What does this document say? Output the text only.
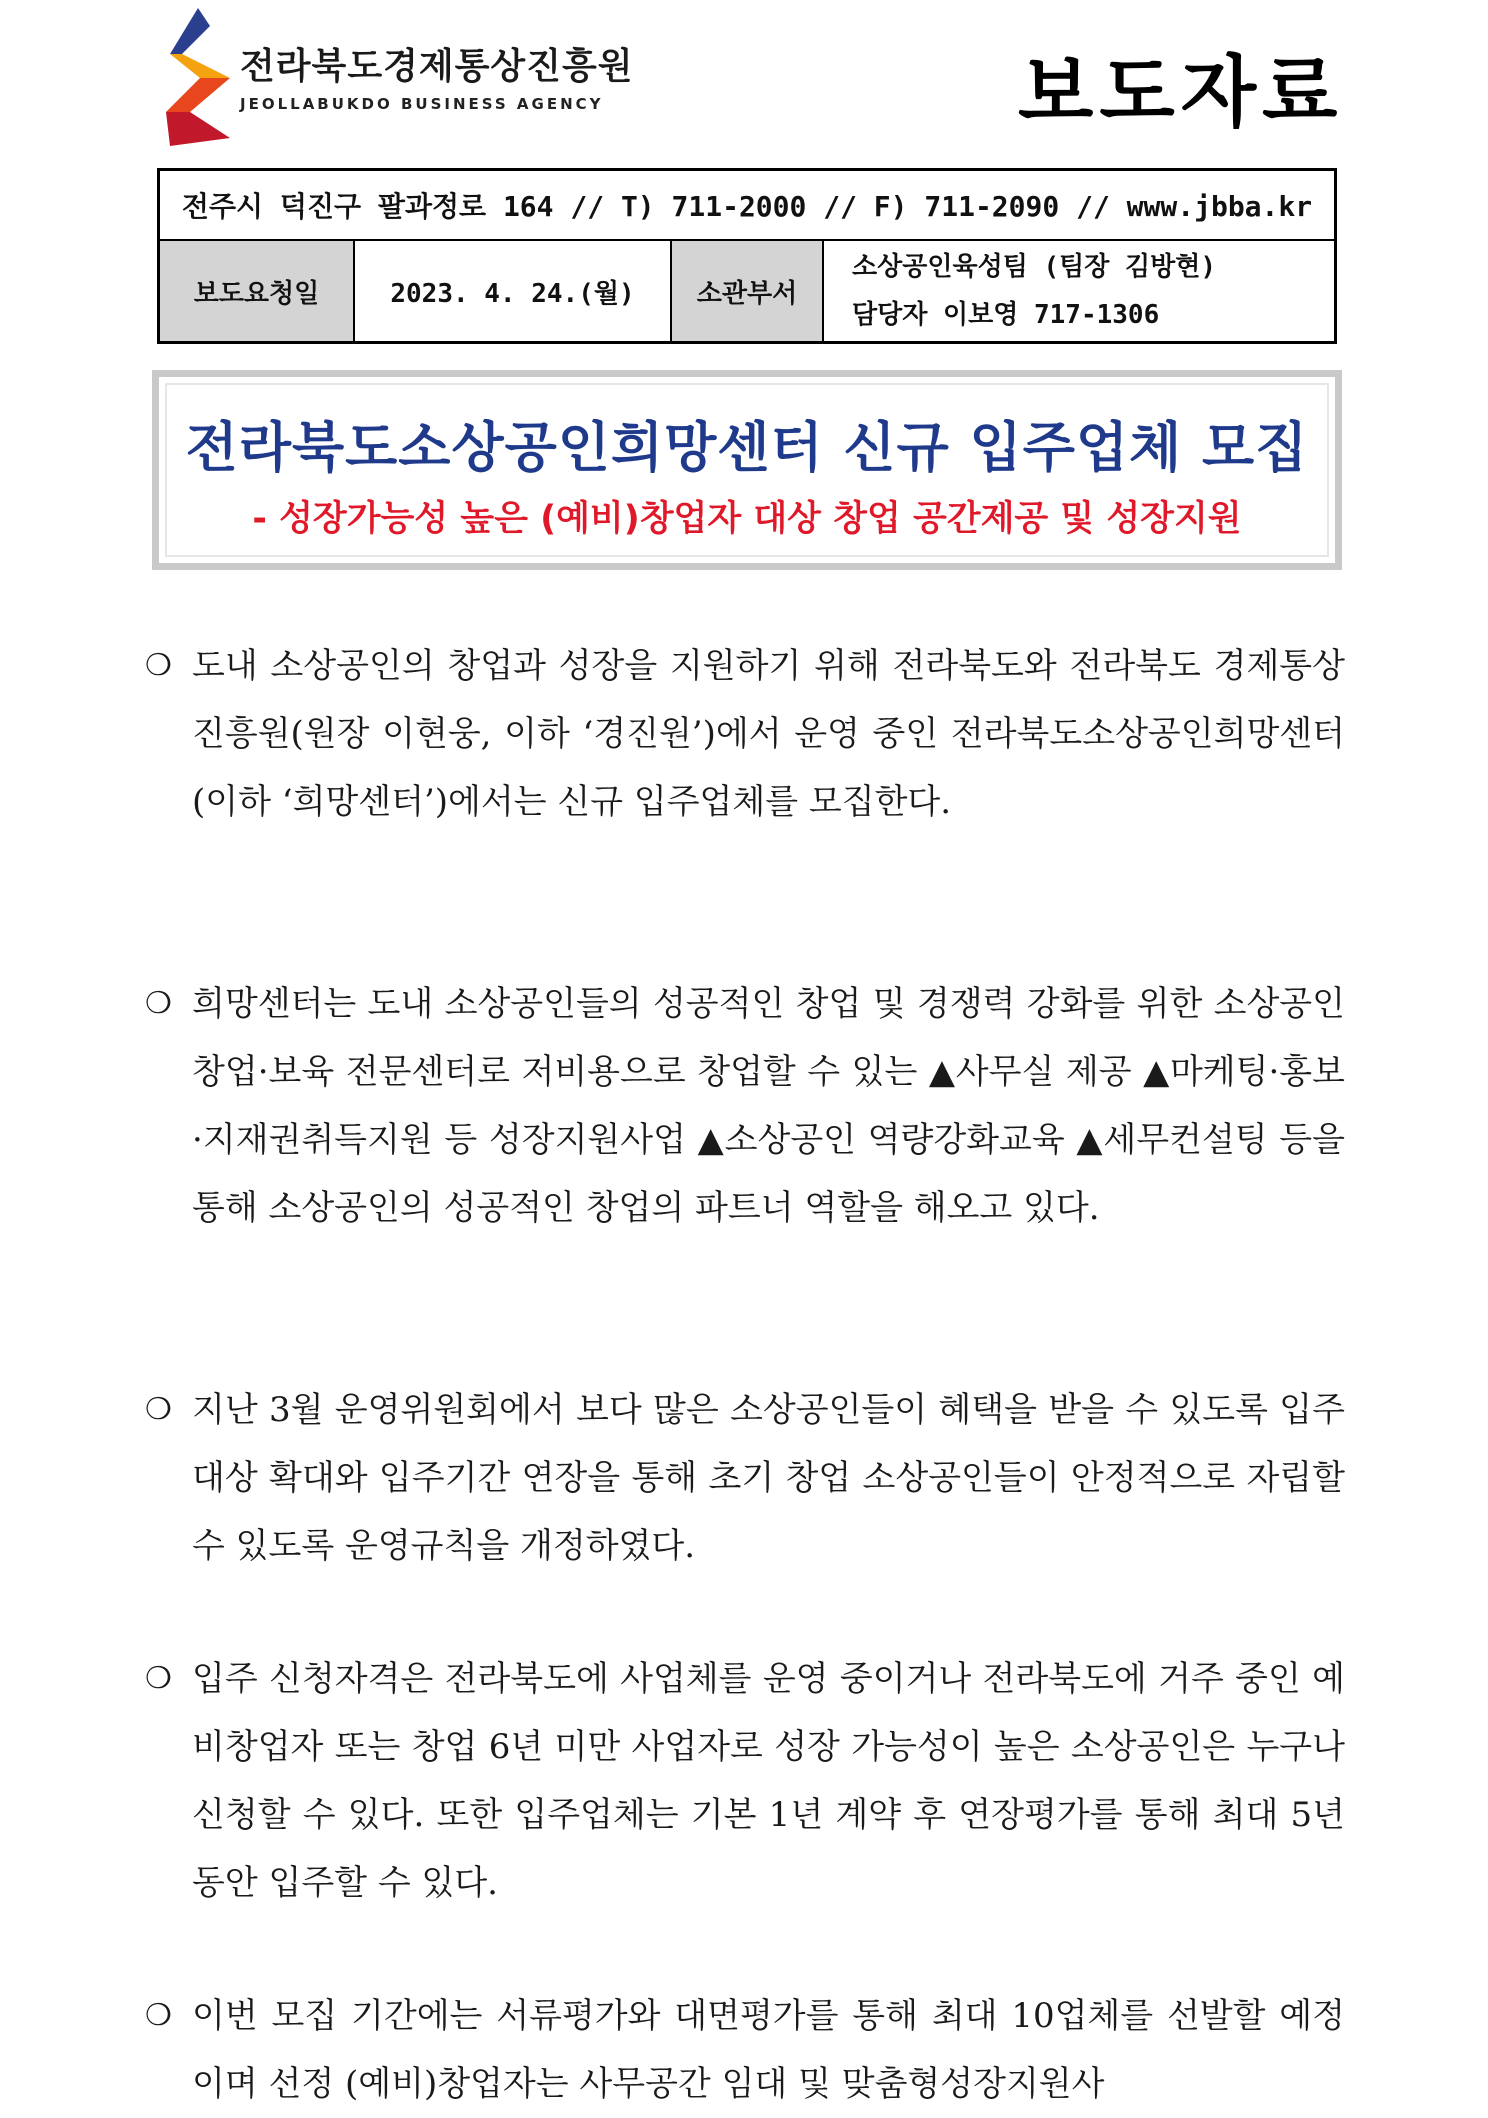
전라북도경제통상진흥원
JEOLLABUKDO BUSINESS AGENCY	보도자료
전주시 덕진구 팔과정로 164 // T) 711-2000 // F) 711-2090 // www.jbba.kr
보도요청일	2023. 4. 24.(월)	소관부서
소상공인육성팀 (팀장 김방현)
담당자 이보영 717-1306
전라북도소상공인희망센터 신규 입주업체 모집
- 성장가능성 높은 (예비)창업자 대상 창업 공간제공 및 성장지원
❍ 도내 소상공인의 창업과 성장을 지원하기 위해 전라북도와 전라북도 경제통상진흥원(원장 이현웅, 이하 ‘경진원’)에서 운영 중인 전라북도소상공인희망센터(이하 ‘희망센터’)에서는 신규 입주업체를 모집한다.
❍ 희망센터는 도내 소상공인들의 성공적인 창업 및 경쟁력 강화를 위한 소상공인 창업·보육 전문센터로 저비용으로 창업할 수 있는 ▲사무실 제공 ▲마케팅·홍보·지재권취득지원 등 성장지원사업 ▲소상공인 역량강화교육 ▲세무컨설팅 등을 통해 소상공인의 성공적인 창업의 파트너 역할을 해오고 있다.
❍ 지난 3월 운영위원회에서 보다 많은 소상공인들이 혜택을 받을 수 있도록 입주대상 확대와 입주기간 연장을 통해 초기 창업 소상공인들이 안정적으로 자립할 수 있도록 운영규칙을 개정하였다.
❍ 입주 신청자격은 전라북도에 사업체를 운영 중이거나 전라북도에 거주 중인 예비창업자 또는 창업 6년 미만 사업자로 성장 가능성이 높은 소상공인은 누구나 신청할 수 있다. 또한 입주업체는 기본 1년 계약 후 연장평가를 통해 최대 5년 동안 입주할 수 있다.
❍ 이번 모집 기간에는 서류평가와 대면평가를 통해 최대 10업체를 선발할 예정이며 선정 (예비)창업자는 사무공간 임대 및 맞춤형성장지원사
